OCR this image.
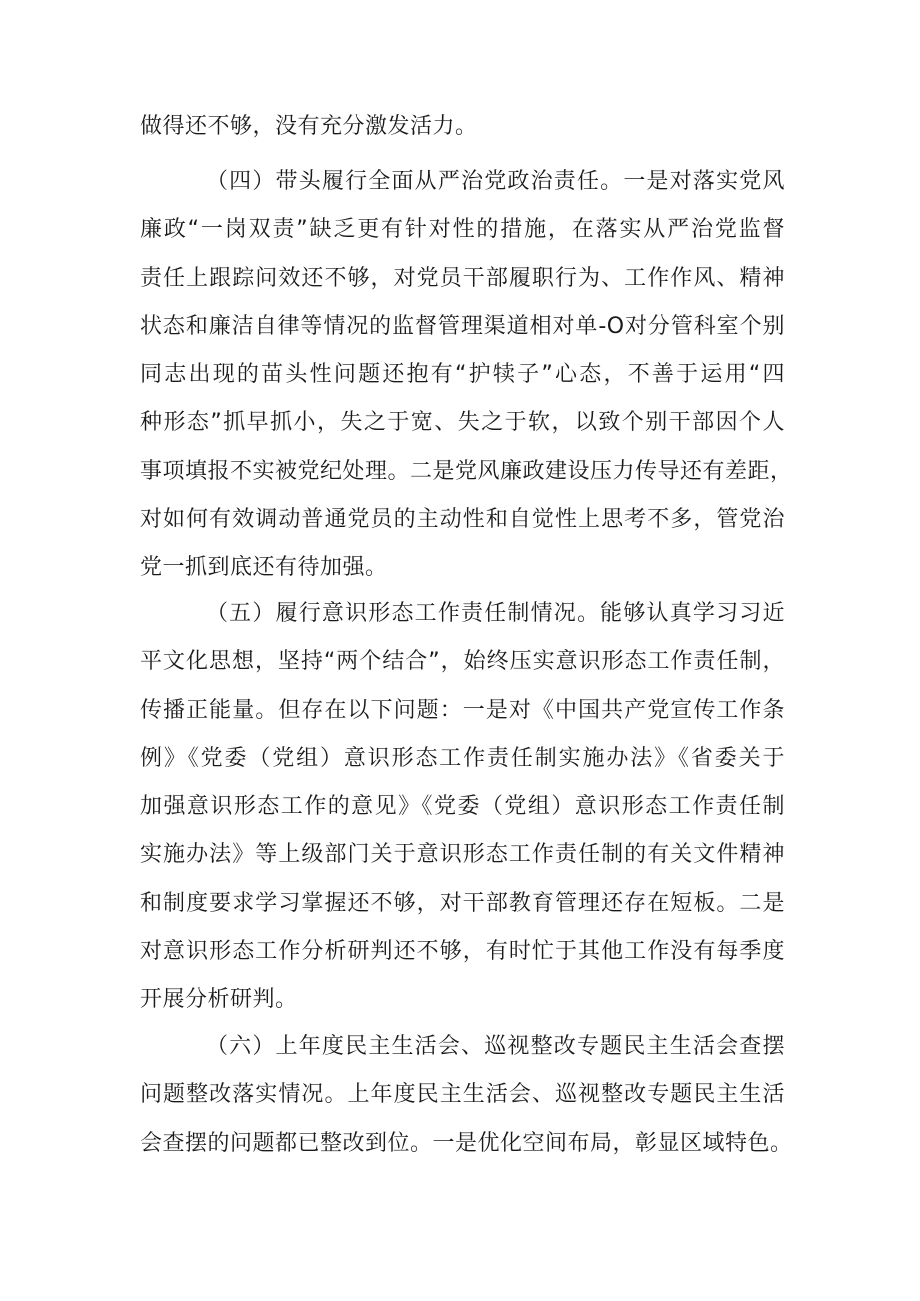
做得还不够，没有充分激发活力。
（四）带头履行全面从严治党政治责任。一是对落实党风
廉政“一岗双责”缺乏更有针对性的措施，在落实从严治党监督
责任上跟踪问效还不够，对党员干部履职行为、工作作风、精神
状态和廉洁自律等情况的监督管理渠道相对单-O对分管科室个别
同志出现的苗头性问题还抱有“护犊子”心态，不善于运用“四
种形态”抓早抓小，失之于宽、失之于软，以致个别干部因个人
事项填报不实被党纪处理。二是党风廉政建设压力传导还有差距，
对如何有效调动普通党员的主动性和自觉性上思考不多，管党治
党一抓到底还有待加强。
（五）履行意识形态工作责任制情况。能够认真学习习近
平文化思想，坚持“两个结合”，始终压实意识形态工作责任制，
传播正能量。但存在以下问题：一是对《中国共产党宣传工作条
例》《党委（党组）意识形态工作责任制实施办法》《省委关于
加强意识形态工作的意见》《党委（党组）意识形态工作责任制
实施办法》等上级部门关于意识形态工作责任制的有关文件精神
和制度要求学习掌握还不够，对干部教育管理还存在短板。二是
对意识形态工作分析研判还不够，有时忙于其他工作没有每季度
开展分析研判。
（六）上年度民主生活会、巡视整改专题民主生活会查摆
问题整改落实情况。上年度民主生活会、巡视整改专题民主生活
会查摆的问题都已整改到位。一是优化空间布局，彰显区域特色。
